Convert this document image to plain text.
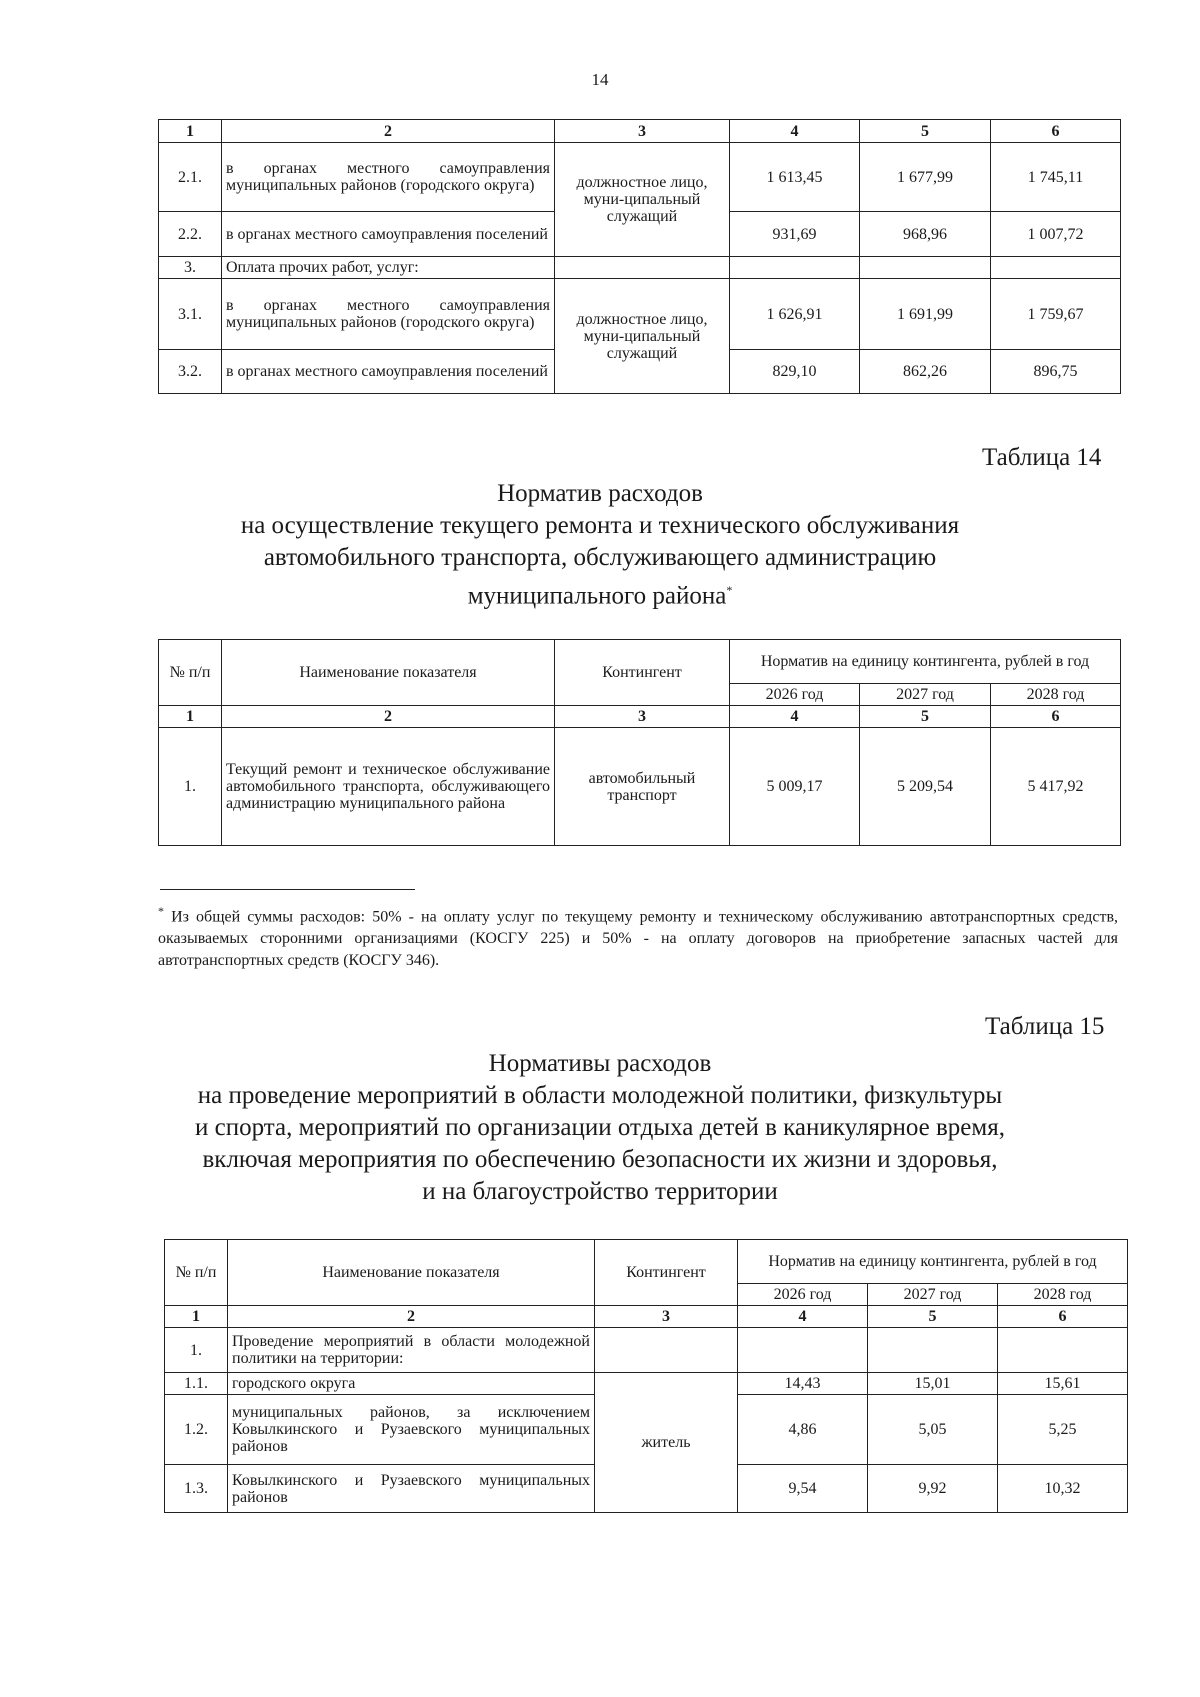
14
1	2	3	4	5	6
2.1.	в органах местного самоуправления муниципальных районов (городского округа)	должностное лицо, муни-ципальный служащий	1 613,45	1 677,99	1 745,11
2.2.	в органах местного самоуправления поселений		931,69	968,96	1 007,72
3.	Оплата прочих работ, услуг:				
3.1.	в органах местного самоуправления муниципальных районов (городского округа)	должностное лицо, муни-ципальный служащий	1 626,91	1 691,99	1 759,67
3.2.	в органах местного самоуправления поселений		829,10	862,26	896,75
Таблица 14
Норматив расходов
на осуществление текущего ремонта и технического обслуживания
автомобильного транспорта, обслуживающего администрацию
муниципального района*
№ п/п	Наименование показателя	Контингент	Норматив на единицу контингента, рублей в год		
			2026 год	2027 год	2028 год
1	2	3	4	5	6
1.	Текущий ремонт и техническое обслуживание автомобильного транспорта, обслуживающего администрацию муниципального района	автомобильный транспорт	5 009,17	5 209,54	5 417,92
* Из общей суммы расходов: 50% - на оплату услуг по текущему ремонту и техническому обслуживанию автотранспортных средств, оказываемых сторонними организациями (КОСГУ 225) и 50% - на оплату договоров на приобретение запасных частей для автотранспортных средств (КОСГУ 346).
Таблица 15
Нормативы расходов
на проведение мероприятий в области молодежной политики, физкультуры
и спорта, мероприятий по организации отдыха детей в каникулярное время,
включая мероприятия по обеспечению безопасности их жизни и здоровья,
и на благоустройство территории
№ п/п	Наименование показателя	Контингент	Норматив на единицу контингента, рублей в год		
			2026 год	2027 год	2028 год
1	2	3	4	5	6
1.	Проведение мероприятий в области молодежной политики на территории:				
1.1.	городского округа	житель	14,43	15,01	15,61
1.2.	муниципальных районов, за исключением Ковылкинского и Рузаевского муниципальных районов		4,86	5,05	5,25
1.3.	Ковылкинского и Рузаевского муниципальных районов		9,54	9,92	10,32
